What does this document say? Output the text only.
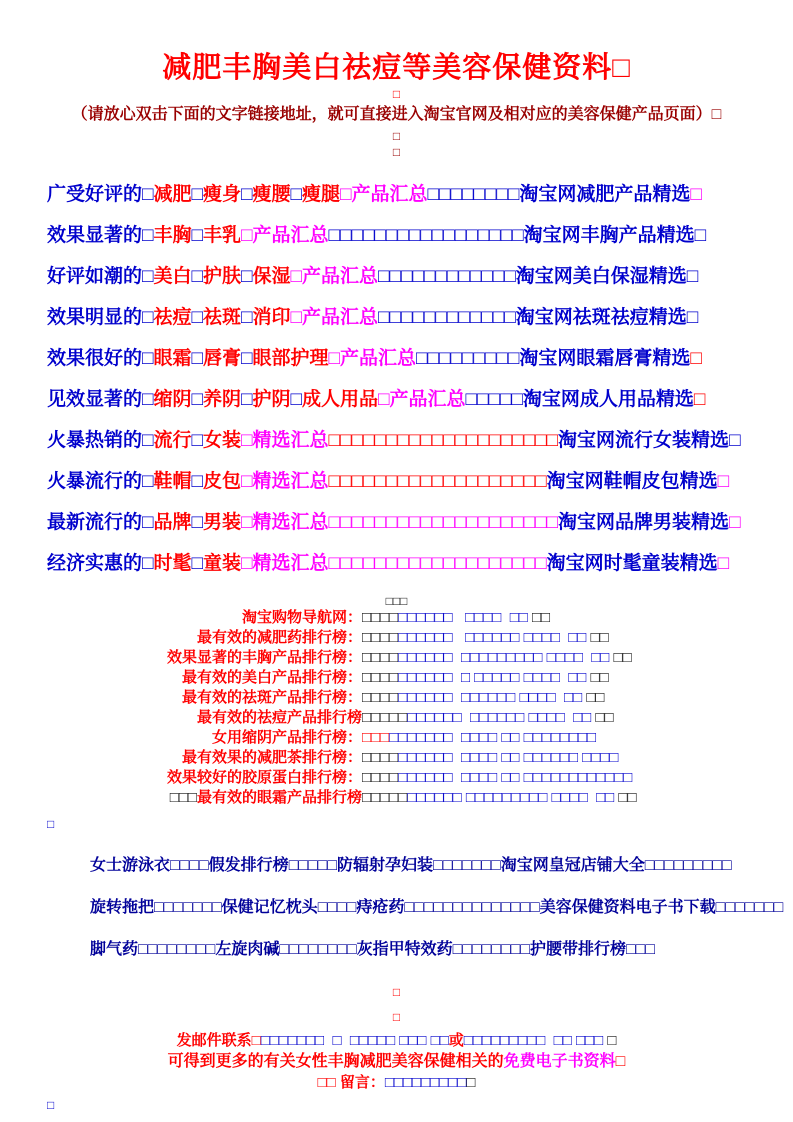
减肥丰胸美白祛痘等美容保健资料□
□
（请放心双击下面的文字链接地址，就可直接进入淘宝官网及相对应的美容保健产品页面）□
□
□

广受好评的□减肥□瘦身□瘦腰□瘦腿□产品汇总□□□□□□□□淘宝网减肥产品精选□

效果显著的□丰胸□丰乳□产品汇总□□□□□□□□□□□□□□□□□淘宝网丰胸产品精选□

好评如潮的□美白□护肤□保湿□产品汇总□□□□□□□□□□□□淘宝网美白保湿精选□

效果明显的□祛痘□祛斑□消印□产品汇总□□□□□□□□□□□□淘宝网祛斑祛痘精选□

效果很好的□眼霜□唇膏□眼部护理□产品汇总□□□□□□□□□淘宝网眼霜唇膏精选□

见效显著的□缩阴□养阴□护阴□成人用品□产品汇总□□□□□淘宝网成人用品精选□

火暴热销的□流行□女装□精选汇总□□□□□□□□□□□□□□□□□□□□淘宝网流行女装精选□

火暴流行的□鞋帽□皮包□精选汇总□□□□□□□□□□□□□□□□□□□淘宝网鞋帽皮包精选□

最新流行的□品牌□男装□精选汇总□□□□□□□□□□□□□□□□□□□□淘宝网品牌男装精选□

经济实惠的□时髦□童装□精选汇总□□□□□□□□□□□□□□□□□□□淘宝网时髦童装精选□

□□□
淘宝购物导航网：□□□□□□□□□□   □□□□  □□ □□
最有效的减肥药排行榜：□□□□□□□□□□   □□□□□□ □□□□  □□ □□
效果显著的丰胸产品排行榜：□□□□□□□□□□  □□□□□□□□□ □□□□  □□ □□
最有效的美白产品排行榜：□□□□□□□□□□  □ □□□□□ □□□□  □□ □□
最有效的祛斑产品排行榜：□□□□□□□□□□  □□□□□□ □□□□  □□ □□
最有效的祛痘产品排行榜□□□□□□□□□□□  □□□□□□ □□□□  □□ □□
女用缩阴产品排行榜：□□□□□□□□□□  □□□□ □□ □□□□□□□□
最有效果的减肥茶排行榜：□□□□□□□□□□  □□□□ □□ □□□□□□ □□□□
效果较好的胶原蛋白排行榜：□□□□□□□□□□  □□□□ □□ □□□□□□□□□□□□
□□□最有效的眼霜产品排行榜□□□□□□□□□□□ □□□□□□□□□ □□□□  □□ □□
□

女士游泳衣□□□□假发排行榜□□□□□防辐射孕妇装□□□□□□□淘宝网皇冠店铺大全□□□□□□□□□

旋转拖把□□□□□□□保健记忆枕头□□□□痔疮药□□□□□□□□□□□□□□美容保健资料电子书下载□□□□□□□

脚气药□□□□□□□□左旋肉碱□□□□□□□□灰指甲特效药□□□□□□□□护腰带排行榜□□□

□
□

发邮件联系□□□□□□□□  □  □□□□□ □□□ □□或□□□□□□□□□  □□ □□□ □

可得到更多的有关女性丰胸减肥美容保健相关的免费电子书资料□

□□ 留言：□□□□□□□□□□

□
